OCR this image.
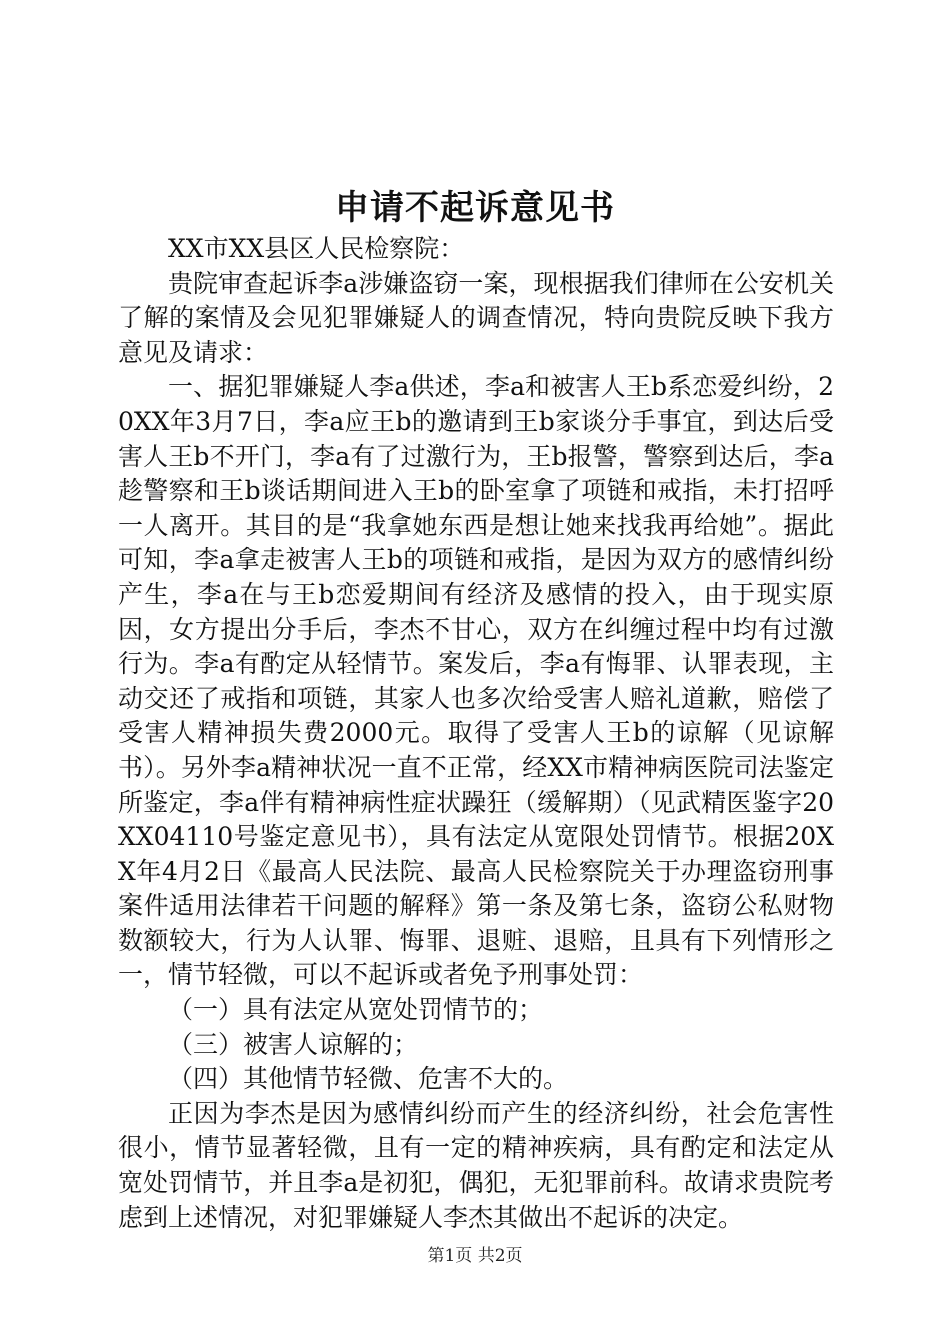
申请不起诉意见书

XX市XX县区人民检察院：

贵院审查起诉李a涉嫌盗窃一案，现根据我们律师在公安机关了解的案情及会见犯罪嫌疑人的调查情况，特向贵院反映下我方意见及请求：

一、据犯罪嫌疑人李a供述，李a和被害人王b系恋爱纠纷，20XX年3月7日，李a应王b的邀请到王b家谈分手事宜，到达后受害人王b不开门，李a有了过激行为，王b报警，警察到达后，李a趁警察和王b谈话期间进入王b的卧室拿了项链和戒指，未打招呼一人离开。其目的是“我拿她东西是想让她来找我再给她”。据此可知，李a拿走被害人王b的项链和戒指，是因为双方的感情纠纷产生，李a在与王b恋爱期间有经济及感情的投入，由于现实原因，女方提出分手后，李杰不甘心，双方在纠缠过程中均有过激行为。李a有酌定从轻情节。案发后，李a有悔罪、认罪表现，主动交还了戒指和项链，其家人也多次给受害人赔礼道歉，赔偿了受害人精神损失费2000元。取得了受害人王b的谅解（见谅解书）。另外李a精神状况一直不正常，经XX市精神病医院司法鉴定所鉴定，李a伴有精神病性症状躁狂（缓解期）（见武精医鉴字20XX04110号鉴定意见书），具有法定从宽限处罚情节。根据20XX年4月2日《最高人民法院、最高人民检察院关于办理盗窃刑事案件适用法律若干问题的解释》第一条及第七条，盗窃公私财物数额较大，行为人认罪、悔罪、退赃、退赔，且具有下列情形之一，情节轻微，可以不起诉或者免予刑事处罚：

（一）具有法定从宽处罚情节的；

（三）被害人谅解的；

（四）其他情节轻微、危害不大的。

正因为李杰是因为感情纠纷而产生的经济纠纷，社会危害性很小，情节显著轻微，且有一定的精神疾病，具有酌定和法定从宽处罚情节，并且李a是初犯，偶犯，无犯罪前科。故请求贵院考虑到上述情况，对犯罪嫌疑人李杰其做出不起诉的决定。

第1页 共2页
